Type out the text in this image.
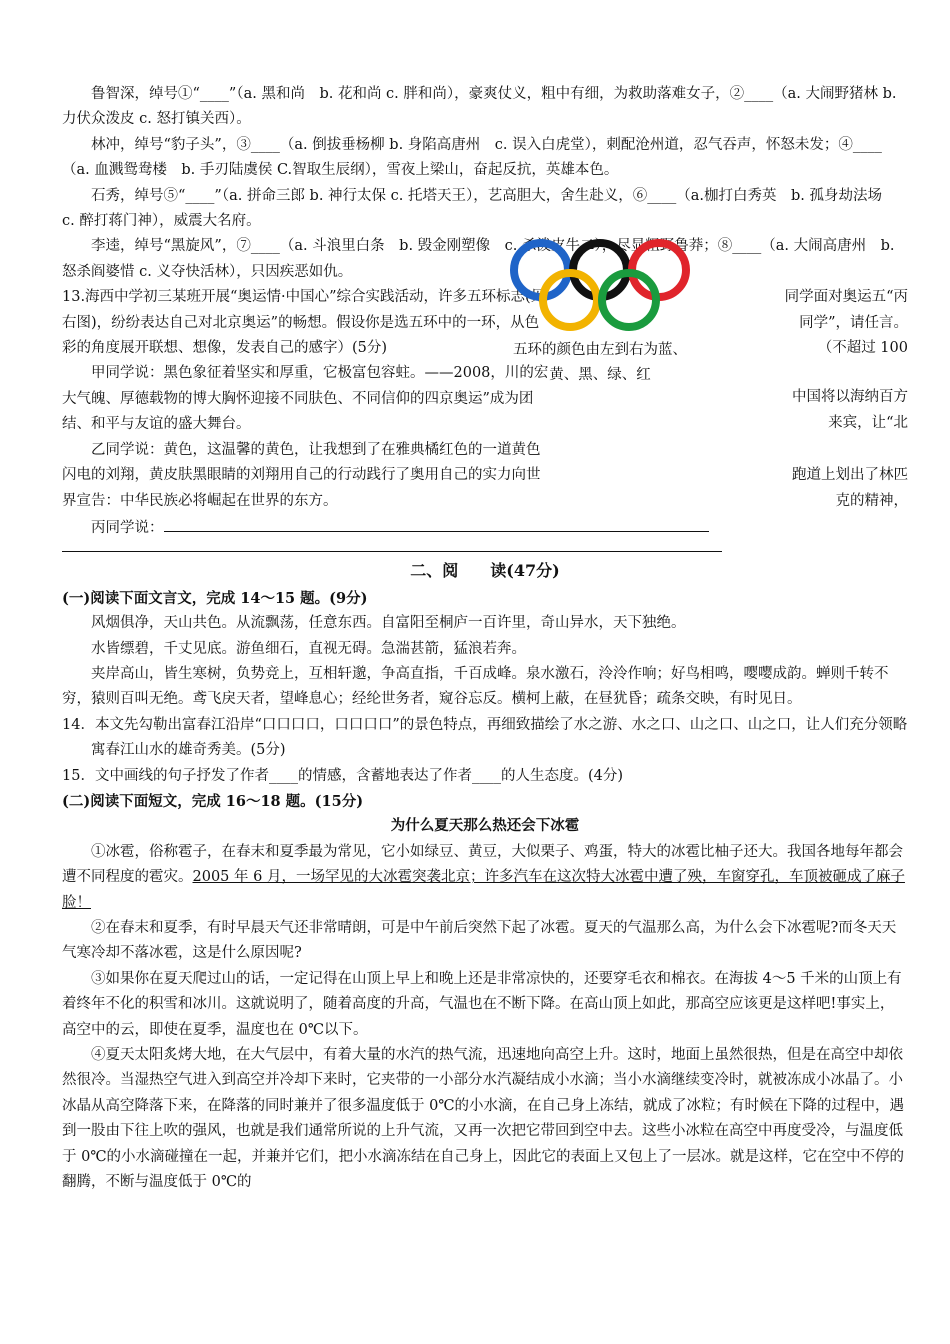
鲁智深，绰号①“____”（a. 黑和尚　b. 花和尚 c. 胖和尚），豪爽仗义，粗中有细，为救助落难女子，②____（a. 大闹野猪林 b. 力伏众泼皮 c. 怒打镇关西）。

林冲，绰号“豹子头”，③____（a. 倒拔垂杨柳 b. 身陷高唐州　c. 误入白虎堂），刺配沧州道，忍气吞声，怀怒未发；④____（a. 血溅鸳鸯楼　b. 手刃陆虞侯 C.智取生辰纲），雪夜上梁山，奋起反抗，英雄本色。

石秀，绰号⑤“____”（a. 拼命三郎 b. 神行太保 c. 托塔天王），艺高胆大，舍生赴义，⑥____（a.枷打白秀英　b. 孤身劫法场　c. 醉打蒋门神），威震大名府。

李逵，绰号“黑旋风”，⑦____（a. 斗浪里白条　b. 毁金刚塑像　c. 杀泼皮牛二），尽显粗野鲁莽；⑧____（a. 大闹高唐州　b. 怒杀阎婆惜 c. 义夺快活林），只因疾恶如仇。

同学面对奥运五“丙同学”，请任言。（不超过 100

13.海西中学初三某班开展“奥运情·中国心”综合实践活动，许多五环标志(见右图)，纷纷表达自己对北京奥运”的畅想。假设你是选五环中的一环，从色彩的角度展开联想、想像，发表自己的感字）(5分)

中国将以海纳百方来宾，让“北

甲同学说：黑色象征着坚实和厚重，它极富包容蛀。——2008，川的宏大气魄、厚德载物的博大胸怀迎接不同肤色、不同信仰的四京奥运”成为团结、和平与友谊的盛大舞台。

跑道上划出了林匹克的精神，

乙同学说：黄色，这温馨的黄色，让我想到了在雅典橘红色的一道黄色闪电的刘翔，黄皮肤黑眼睛的刘翔用自己的行动践行了奥用自己的实力向世界宣告：中华民族必将崛起在世界的东方。

丙同学说：

二、阅　　读(47分)

(一)阅读下面文言文，完成 14～15 题。(9分)

风烟俱净，天山共色。从流飘荡，任意东西。自富阳至桐庐一百许里，奇山异水，天下独绝。

水皆缥碧，千丈见底。游鱼细石，直视无碍。急湍甚箭，猛浪若奔。

夹岸高山，皆生寒树，负势竞上，互相轩邈，争高直指，千百成峰。泉水激石，泠泠作响；好鸟相鸣，嘤嘤成韵。蝉则千转不穷，猿则百叫无绝。鸢飞戾天者，望峰息心；经纶世务者，窥谷忘反。横柯上蔽，在昼犹昏；疏条交映，有时见日。

14．本文先勾勒出富春江沿岸“口口口口，口口口口”的景色特点，再细致描绘了水之游、水之口、山之口、山之口，让人们充分领略寓春江山水的雄奇秀美。(5分)

15．文中画线的句子抒发了作者____的情感，含蓄地表达了作者____的人生态度。(4分)

(二)阅读下面短文，完成 16～18 题。(15分)

为什么夏天那么热还会下冰雹

①冰雹，俗称雹子，在春末和夏季最为常见，它小如绿豆、黄豆，大似栗子、鸡蛋，特大的冰雹比柚子还大。我国各地每年都会遭不同程度的雹灾。2005 年 6 月，一场罕见的大冰雹突袭北京；许多汽车在这次特大冰雹中遭了殃，车窗穿孔，车顶被砸成了麻子脸！

②在春末和夏季，有时早晨天气还非常晴朗，可是中午前后突然下起了冰雹。夏天的气温那么高，为什么会下冰雹呢?而冬天天气寒冷却不落冰雹，这是什么原因呢?

③如果你在夏天爬过山的话，一定记得在山顶上早上和晚上还是非常凉快的，还要穿毛衣和棉衣。在海拔 4～5 千米的山顶上有着终年不化的积雪和冰川。这就说明了，随着高度的升高，气温也在不断下降。在高山顶上如此，那高空应该更是这样吧!事实上，高空中的云，即使在夏季，温度也在 0℃以下。

④夏天太阳炙烤大地，在大气层中，有着大量的水汽的热气流，迅速地向高空上升。这时，地面上虽然很热，但是在高空中却依然很冷。当湿热空气进入到高空并冷却下来时，它夹带的一小部分水汽凝结成小水滴；当小水滴继续变冷时，就被冻成小冰晶了。小冰晶从高空降落下来，在降落的同时兼并了很多温度低于 0℃的小水滴，在自己身上冻结，就成了冰粒；有时候在下降的过程中，遇到一股由下往上吹的强风，也就是我们通常所说的上升气流，又再一次把它带回到空中去。这些小冰粒在高空中再度受冷，与温度低于 0℃的小水滴碰撞在一起，并兼并它们，把小水滴冻结在自己身上，因此它的表面上又包上了一层冰。就是这样，它在空中不停的翻腾，不断与温度低于 0℃的

五环的颜色由左到右为蓝、黄、黑、绿、红
